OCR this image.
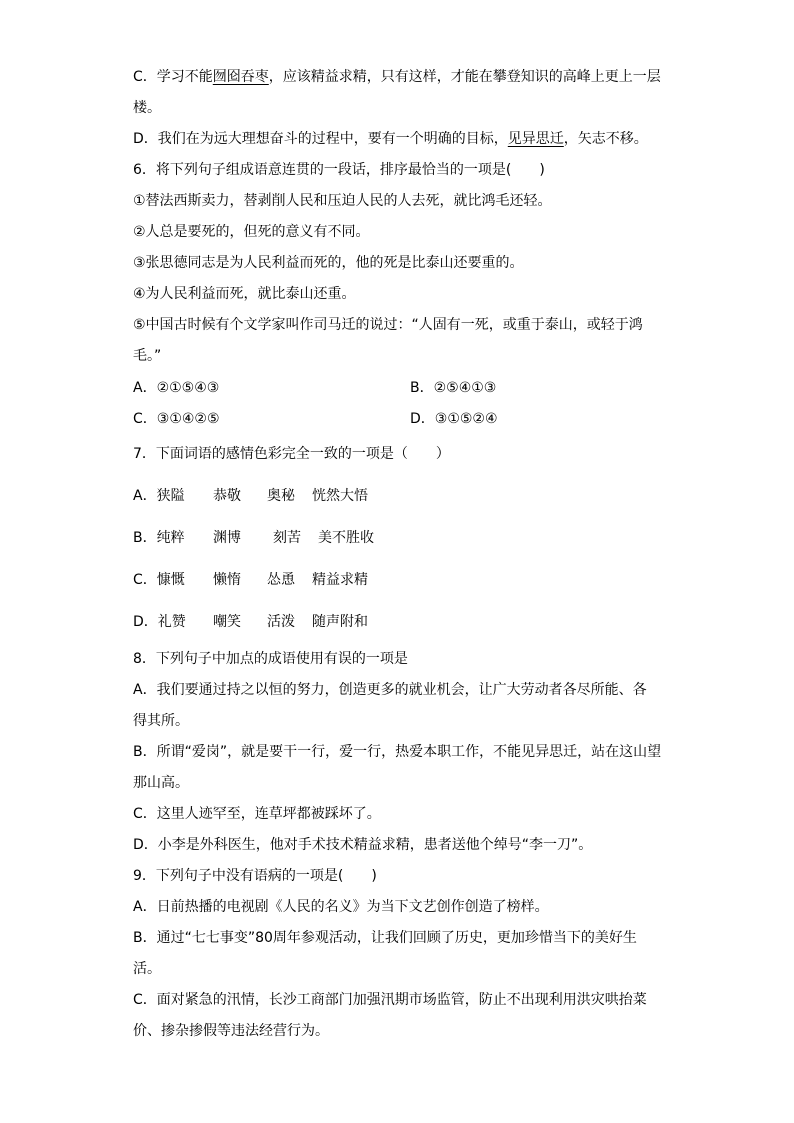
C．学习不能囫囵吞枣，应该精益求精，只有这样，才能在攀登知识的高峰上更上一层
楼。
D．我们在为远大理想奋斗的过程中，要有一个明确的目标，见异思迁，矢志不移。
6．将下列句子组成语意连贯的一段话，排序最恰当的一项是(　　)
①替法西斯卖力，替剥削人民和压迫人民的人去死，就比鸿毛还轻。
②人总是要死的，但死的意义有不同。
③张思德同志是为人民利益而死的，他的死是比泰山还要重的。
④为人民利益而死，就比泰山还重。
⑤中国古时候有个文学家叫作司马迁的说过：“人固有一死，或重于泰山，或轻于鸿
毛。”
A．②①⑤④③	B．②⑤④①③
C．③①④②⑤	D．③①⑤②④
7．下面词语的感情色彩完全一致的一项是（　　）
A．狭隘 恭敬 奥秘 恍然大悟
B．纯粹 渊博 刻苦 美不胜收
C．慷慨 懒惰 怂恿 精益求精
D．礼赞 嘲笑 活泼 随声附和
8．下列句子中加点的成语使用有误的一项是
A．我们要通过持之以恒的努力，创造更多的就业机会，让广大劳动者各尽所能、各
得其所。
B．所谓“爱岗”，就是要干一行，爱一行，热爱本职工作，不能见异思迁，站在这山望
那山高。
C．这里人迹罕至，连草坪都被踩坏了。
D．小李是外科医生，他对手术技术精益求精，患者送他个绰号“李一刀”。
9．下列句子中没有语病的一项是(　　)
A．日前热播的电视剧《人民的名义》为当下文艺创作创造了榜样。
B．通过“七七事变”80周年参观活动，让我们回顾了历史，更加珍惜当下的美好生
活。
C．面对紧急的汛情，长沙工商部门加强汛期市场监管，防止不出现利用洪灾哄抬菜
价、掺杂掺假等违法经营行为。
